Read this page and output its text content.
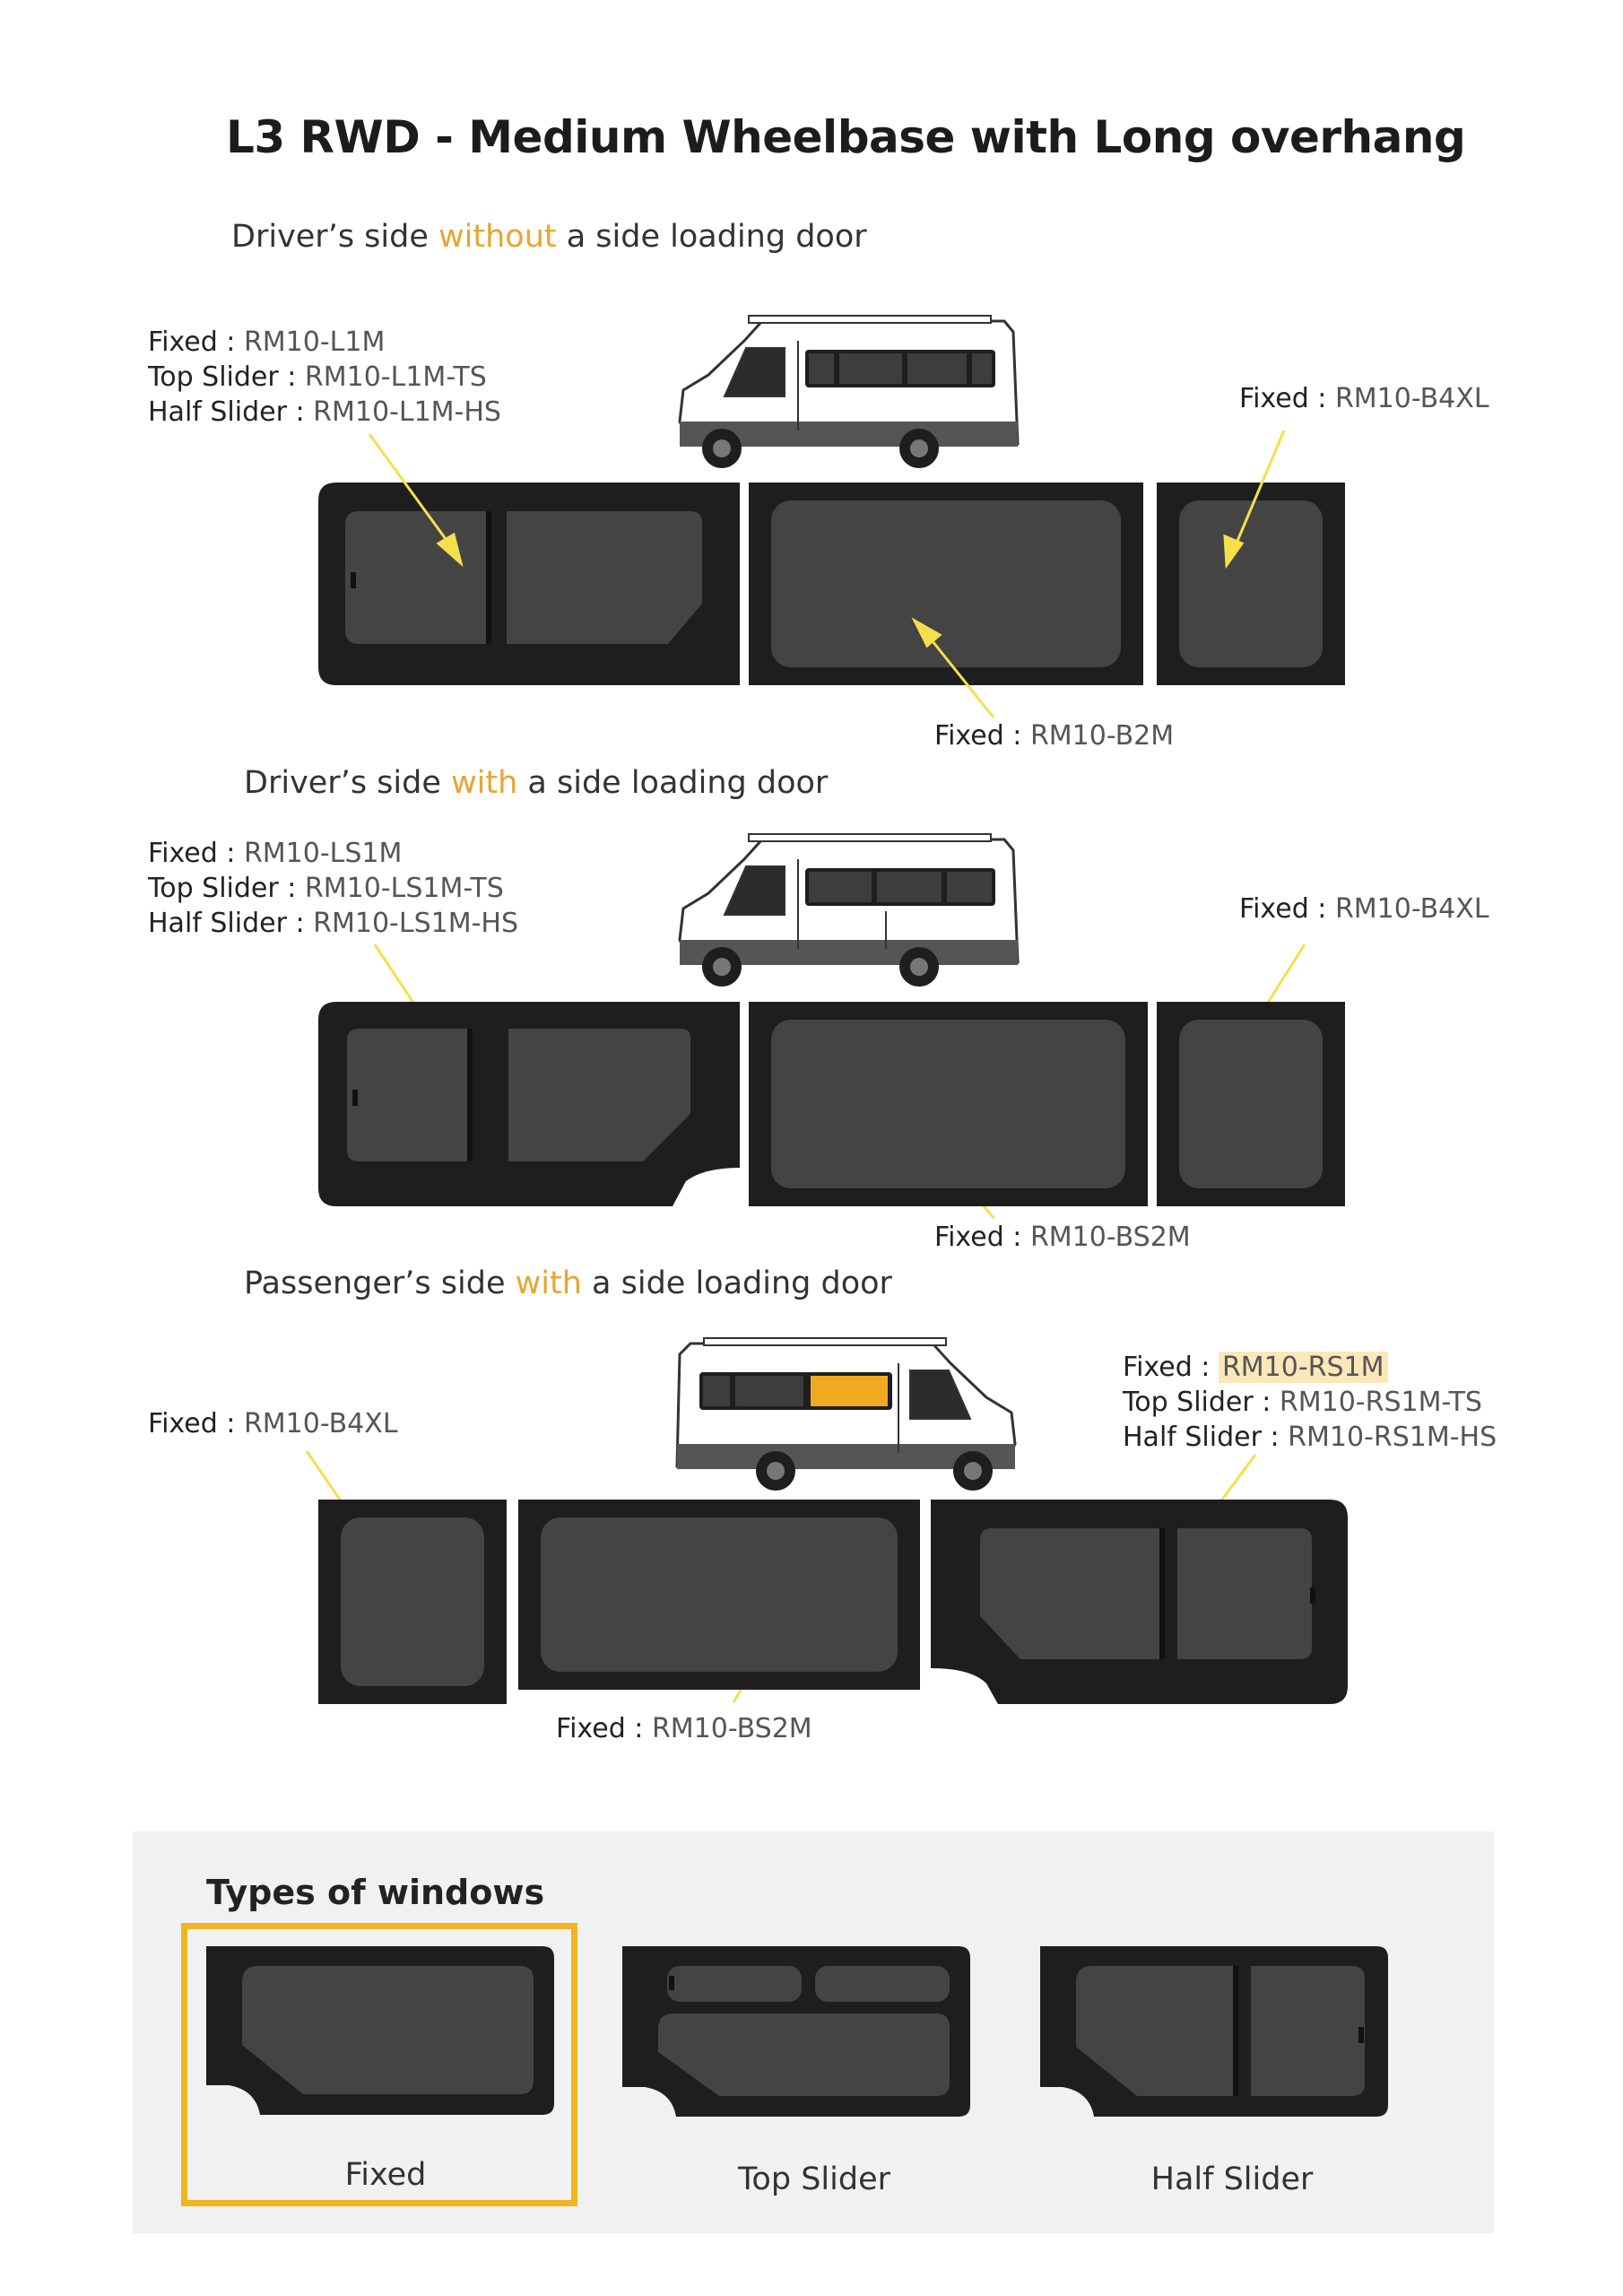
L3 RWD - Medium Wheelbase with Long overhang
Driver’s side without a side loading door
Fixed : RM10-L1M
Top Slider : RM10-L1M-TS
Half Slider : RM10-L1M-HS	Fixed : RM10-B4XL
Fixed : RM10-B2M
Driver’s side with a side loading door
Fixed : RM10-LS1M
Top Slider : RM10-LS1M-TS
Half Slider : RM10-LS1M-HS	Fixed : RM10-B4XL
Fixed : RM10-BS2M
Passenger’s side with a side loading door
Fixed : RM10-B4XL
Fixed : RM10-RS1M
Top Slider : RM10-RS1M-TS
Half Slider : RM10-RS1M-HS
Fixed : RM10-BS2M
Types of windows
Fixed	Top Slider	Half Slider
